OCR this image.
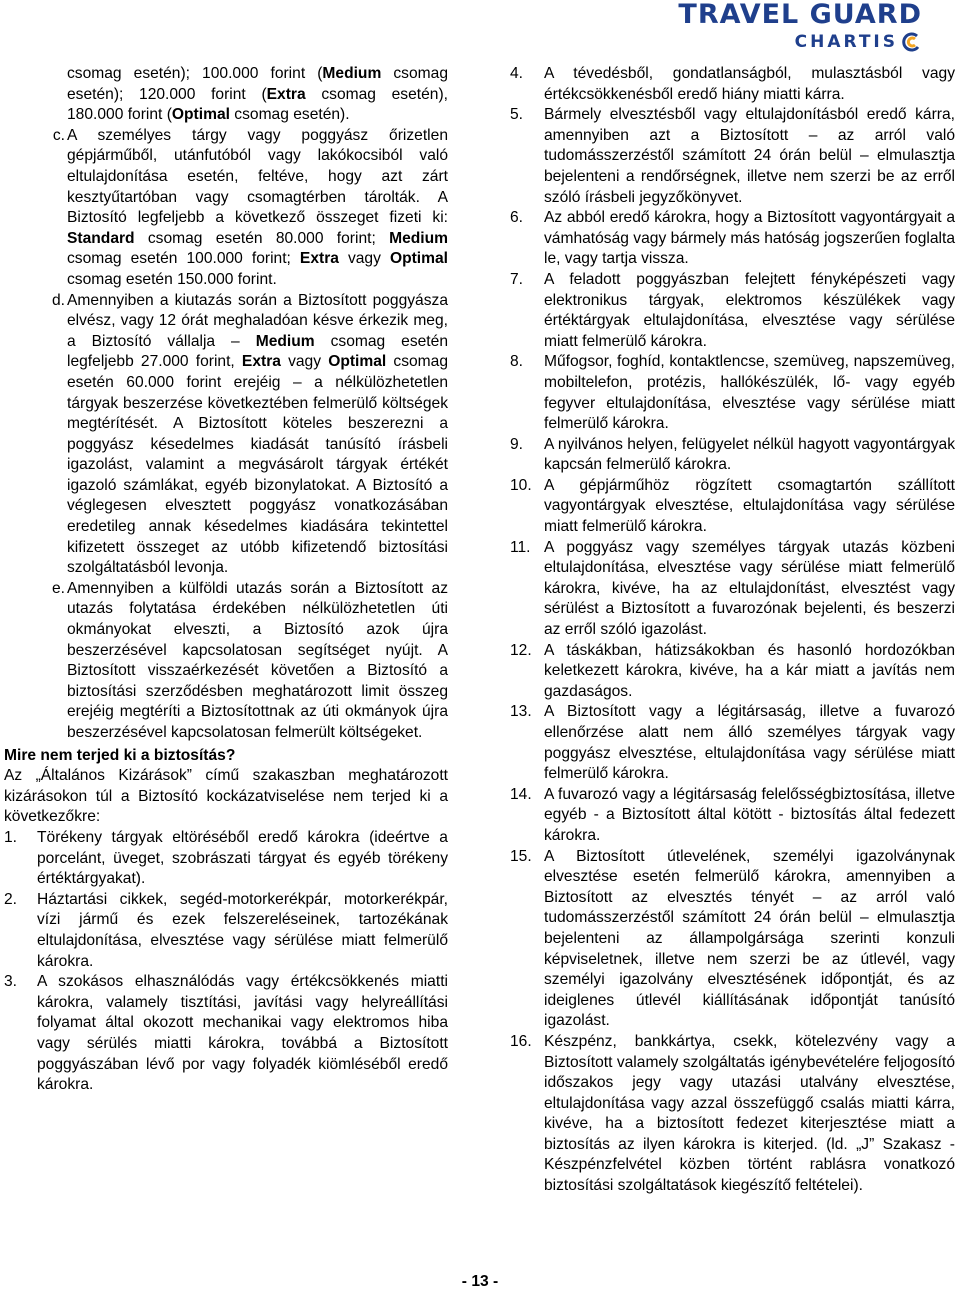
TRAVEL GUARD
CHARTIS
csomag esetén); 100.000 forint (Medium csomag esetén); 120.000 forint (Extra csomag esetén), 180.000 forint (Optimal csomag esetén).
c. A személyes tárgy vagy poggyász őrizetlen gépjárműből, utánfutóból vagy lakókocsiból való eltulajdonítása esetén, feltéve, hogy azt zárt kesztyűtartóban vagy csomagtérben tárolták. A Biztosító legfeljebb a következő összeget fizeti ki: Standard csomag esetén 80.000 forint; Medium csomag esetén 100.000 forint; Extra vagy Optimal csomag esetén 150.000 forint.
d. Amennyiben a kiutazás során a Biztosított poggyásza elvész, vagy 12 órát meghaladóan késve érkezik meg, a Biztosító vállalja – Medium csomag esetén legfeljebb 27.000 forint, Extra vagy Optimal csomag esetén 60.000 forint erejéig – a nélkülözhetetlen tárgyak beszerzése következtében felmerülő költségek megtérítését. A Biztosított köteles beszerezni a poggyász késedelmes kiadását tanúsító írásbeli igazolást, valamint a megvásárolt tárgyak értékét igazoló számlákat, egyéb bizonylatokat. A Biztosító a véglegesen elvesztett poggyász vonatkozásában eredetileg annak késedelmes kiadására tekintettel kifizetett összeget az utóbb kifizetendő biztosítási szolgáltatásból levonja.
e. Amennyiben a külföldi utazás során a Biztosított az utazás folytatása érdekében nélkülözhetetlen úti okmányokat elveszti, a Biztosító azok újra beszerzésével kapcsolatosan segítséget nyújt. A Biztosított visszaérkezését követően a Biztosító a biztosítási szerződésben meghatározott limit összeg erejéig megtéríti a Biztosítottnak az úti okmányok újra beszerzésével kapcsolatosan felmerült költségeket.
Mire nem terjed ki a biztosítás?
Az „Általános Kizárások” című szakaszban meghatározott kizárásokon túl a Biztosító kockázatviselése nem terjed ki a következőkre:
1.	Törékeny tárgyak eltöréséből eredő károkra (ideértve a porcelánt, üveget, szobrászati tárgyat és egyéb törékeny értéktárgyakat).
2.	Háztartási cikkek, segéd-motorkerékpár, motorkerékpár, vízi jármű és ezek felszereléseinek, tartozékának eltulajdonítása, elvesztése vagy sérülése miatt felmerülő károkra.
3.	A szokásos elhasználódás vagy értékcsökkenés miatti károkra, valamely tisztítási, javítási vagy helyreállítási folyamat által okozott mechanikai vagy elektromos hiba vagy sérülés miatti károkra, továbbá a Biztosított poggyászában lévő por vagy folyadék kiömléséből eredő károkra.
4.	A tévedésből, gondatlanságból, mulasztásból vagy értékcsökkenésből eredő hiány miatti kárra.
5.	Bármely elvesztésből vagy eltulajdonításból eredő kárra, amennyiben azt a Biztosított – az arról való tudomásszerzéstől számított 24 órán belül – elmulasztja bejelenteni a rendőrségnek, illetve nem szerzi be az erről szóló írásbeli jegyzőkönyvet.
6.	Az abból eredő károkra, hogy a Biztosított vagyontárgyait a vámhatóság vagy bármely más hatóság jogszerűen foglalta le, vagy tartja vissza.
7.	A feladott poggyászban felejtett fényképészeti vagy elektronikus tárgyak, elektromos készülékek vagy értéktárgyak eltulajdonítása, elvesztése vagy sérülése miatt felmerülő károkra.
8.	Műfogsor, foghíd, kontaktlencse, szemüveg, napszemüveg, mobiltelefon, protézis, hallókészülék, lő- vagy egyéb fegyver eltulajdonítása, elvesztése vagy sérülése miatt felmerülő károkra.
9.	A nyilvános helyen, felügyelet nélkül hagyott vagyontárgyak kapcsán felmerülő károkra.
10. A gépjárműhöz rögzített csomagtartón szállított vagyontárgyak elvesztése, eltulajdonítása vagy sérülése miatt felmerülő károkra.
11. A poggyász vagy személyes tárgyak utazás közbeni eltulajdonítása, elvesztése vagy sérülése miatt felmerülő károkra, kivéve, ha az eltulajdonítást, elvesztést vagy sérülést a Biztosított a fuvarozónak bejelenti, és beszerzi az erről szóló igazolást.
12. A táskákban, hátizsákokban és hasonló hordozókban keletkezett károkra, kivéve, ha a kár miatt a javítás nem gazdaságos.
13. A Biztosított vagy a légitársaság, illetve a fuvarozó ellenőrzése alatt nem álló személyes tárgyak vagy poggyász elvesztése, eltulajdonítása vagy sérülése miatt felmerülő károkra.
14. A fuvarozó vagy a légitársaság felelősségbiztosítása, illetve egyéb - a Biztosított által kötött - biztosítás által fedezett károkra.
15. A Biztosított útlevelének, személyi igazolványnak elvesztése esetén felmerülő károkra, amennyiben a Biztosított az elvesztés tényét – az arról való tudomásszerzéstől számított 24 órán belül – elmulasztja bejelenteni az állampolgársága szerinti konzuli képviseletnek, illetve nem szerzi be az útlevél, vagy személyi igazolvány elvesztésének időpontját, és az ideiglenes útlevél kiállításának időpontját tanúsító igazolást.
16. Készpénz, bankkártya, csekk, kötelezvény vagy a Biztosított valamely szolgáltatás igénybevételére feljogosító időszakos jegy vagy utazási utalvány elvesztése, eltulajdonítása vagy azzal összefüggő csalás miatti kárra, kivéve, ha a biztosított fedezet kiterjesztése miatt a biztosítás az ilyen károkra is kiterjed. (ld. „J” Szakasz - Készpénzfelvétel közben történt rablásra vonatkozó biztosítási szolgáltatások kiegészítő feltételei).
- 13 -
